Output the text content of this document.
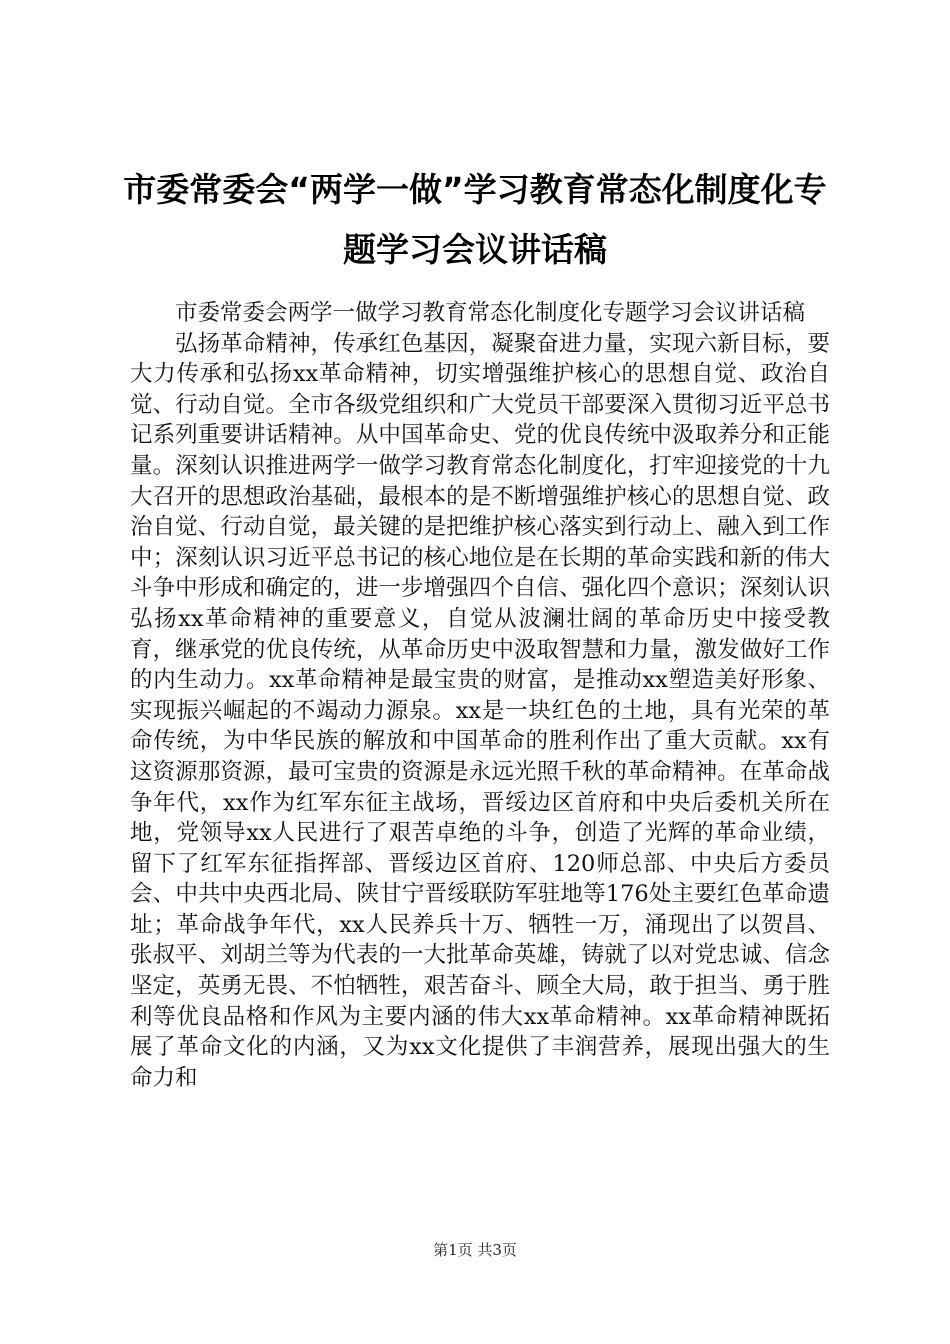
市委常委会“两学一做”学习教育常态化制度化专题学习会议讲话稿

市委常委会两学一做学习教育常态化制度化专题学习会议讲话稿

弘扬革命精神，传承红色基因，凝聚奋进力量，实现六新目标，要大力传承和弘扬xx革命精神，切实增强维护核心的思想自觉、政治自觉、行动自觉。全市各级党组织和广大党员干部要深入贯彻习近平总书记系列重要讲话精神。从中国革命史、党的优良传统中汲取养分和正能量。深刻认识推进两学一做学习教育常态化制度化，打牢迎接党的十九大召开的思想政治基础，最根本的是不断增强维护核心的思想自觉、政治自觉、行动自觉，最关键的是把维护核心落实到行动上、融入到工作中；深刻认识习近平总书记的核心地位是在长期的革命实践和新的伟大斗争中形成和确定的，进一步增强四个自信、强化四个意识；深刻认识弘扬xx革命精神的重要意义，自觉从波澜壮阔的革命历史中接受教育，继承党的优良传统，从革命历史中汲取智慧和力量，激发做好工作的内生动力。xx革命精神是最宝贵的财富，是推动xx塑造美好形象、实现振兴崛起的不竭动力源泉。xx是一块红色的土地，具有光荣的革命传统，为中华民族的解放和中国革命的胜利作出了重大贡献。xx有这资源那资源，最可宝贵的资源是永远光照千秋的革命精神。在革命战争年代，xx作为红军东征主战场，晋绥边区首府和中央后委机关所在地，党领导xx人民进行了艰苦卓绝的斗争，创造了光辉的革命业绩，留下了红军东征指挥部、晋绥边区首府、120师总部、中央后方委员会、中共中央西北局、陕甘宁晋绥联防军驻地等176处主要红色革命遗址；革命战争年代，xx人民养兵十万、牺牲一万，涌现出了以贺昌、张叔平、刘胡兰等为代表的一大批革命英雄，铸就了以对党忠诚、信念坚定，英勇无畏、不怕牺牲，艰苦奋斗、顾全大局，敢于担当、勇于胜利等优良品格和作风为主要内涵的伟大xx革命精神。xx革命精神既拓展了革命文化的内涵，又为xx文化提供了丰润营养，展现出强大的生命力和

第1页 共3页
